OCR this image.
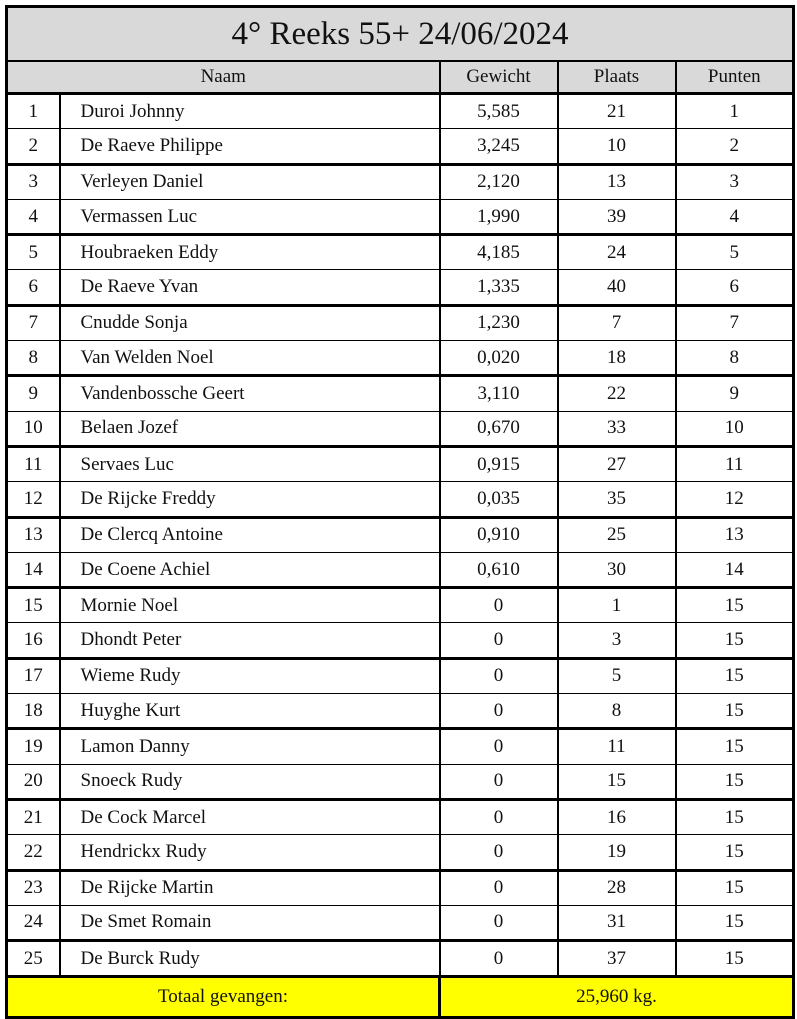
4° Reeks 55+ 24/06/2024				
Naam		Gewicht	Plaats	Punten
1	Duroi Johnny	5,585	21	1
2	De Raeve Philippe	3,245	10	2
3	Verleyen Daniel	2,120	13	3
4	Vermassen Luc	1,990	39	4
5	Houbraeken Eddy	4,185	24	5
6	De Raeve Yvan	1,335	40	6
7	Cnudde Sonja	1,230	7	7
8	Van Welden Noel	0,020	18	8
9	Vandenbossche Geert	3,110	22	9
10	Belaen Jozef	0,670	33	10
11	Servaes Luc	0,915	27	11
12	De Rijcke Freddy	0,035	35	12
13	De Clercq Antoine	0,910	25	13
14	De Coene Achiel	0,610	30	14
15	Mornie Noel	0	1	15
16	Dhondt Peter	0	3	15
17	Wieme Rudy	0	5	15
18	Huyghe Kurt	0	8	15
19	Lamon Danny	0	11	15
20	Snoeck Rudy	0	15	15
21	De Cock Marcel	0	16	15
22	Hendrickx Rudy	0	19	15
23	De Rijcke Martin	0	28	15
24	De Smet Romain	0	31	15
25	De Burck Rudy	0	37	15
Totaal gevangen:		25,960 kg.		
